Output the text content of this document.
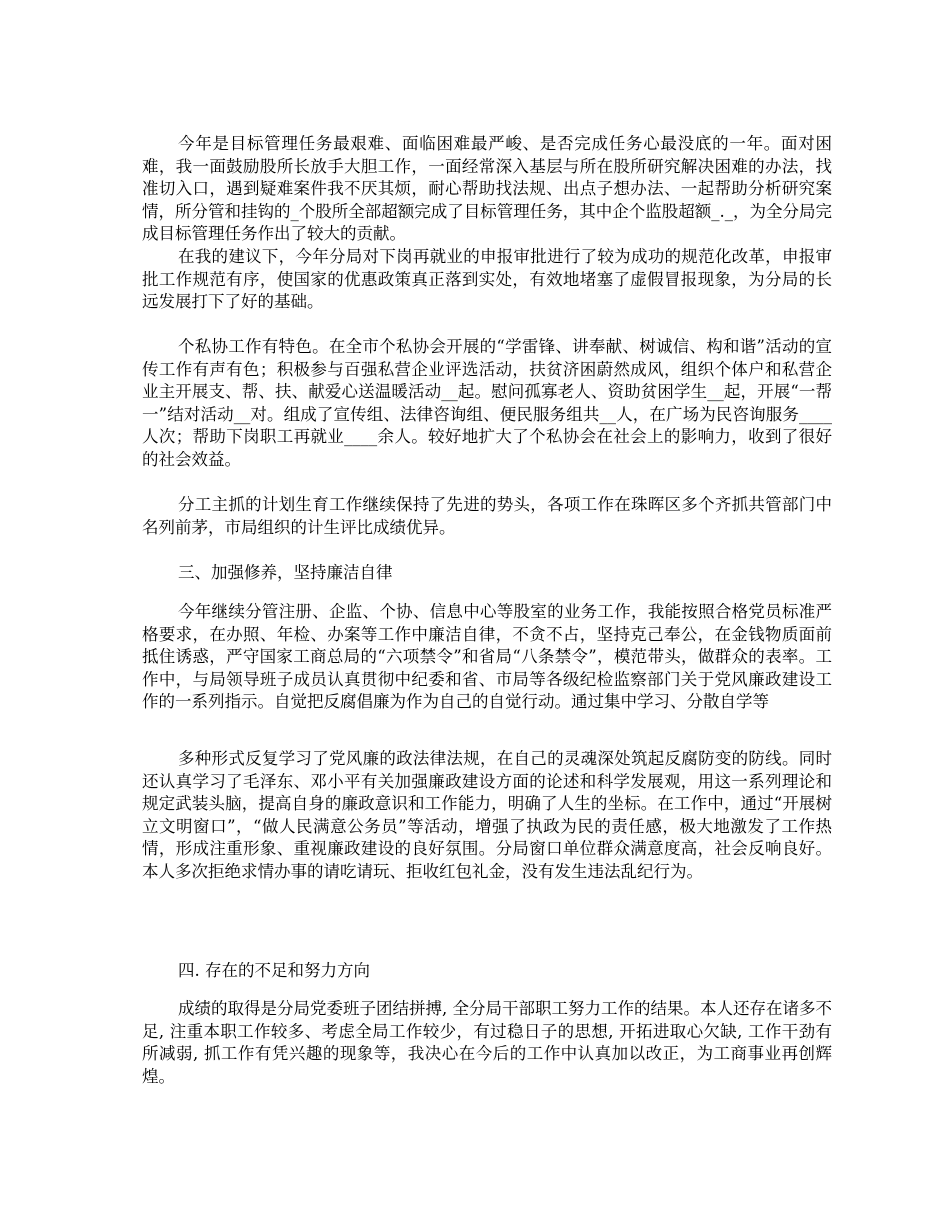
今年是目标管理任务最艰难、面临困难最严峻、是否完成任务心最没底的一年。面对困难，我一面鼓励股所长放手大胆工作，一面经常深入基层与所在股所研究解决困难的办法，找准切入口，遇到疑难案件我不厌其烦，耐心帮助找法规、出点子想办法、一起帮助分析研究案情，所分管和挂钩的_个股所全部超额完成了目标管理任务，其中企个监股超额_._，为全分局完成目标管理任务作出了较大的贡献。

在我的建议下，今年分局对下岗再就业的申报审批进行了较为成功的规范化改革，申报审批工作规范有序，使国家的优惠政策真正落到实处，有效地堵塞了虚假冒报现象，为分局的长远发展打下了好的基础。

个私协工作有特色。在全市个私协会开展的“学雷锋、讲奉献、树诚信、构和谐”活动的宣传工作有声有色；积极参与百强私营企业评选活动，扶贫济困蔚然成风，组织个体户和私营企业主开展支、帮、扶、献爱心送温暖活动__起。慰问孤寡老人、资助贫困学生__起，开展“一帮一”结对活动__对。组成了宣传组、法律咨询组、便民服务组共__人，在广场为民咨询服务____人次；帮助下岗职工再就业____余人。较好地扩大了个私协会在社会上的影响力，收到了很好的社会效益。

分工主抓的计划生育工作继续保持了先进的势头，各项工作在珠晖区多个齐抓共管部门中名列前茅，市局组织的计生评比成绩优异。

三、加强修养，坚持廉洁自律

今年继续分管注册、企监、个协、信息中心等股室的业务工作，我能按照合格党员标准严格要求，在办照、年检、办案等工作中廉洁自律，不贪不占，坚持克己奉公，在金钱物质面前抵住诱惑，严守国家工商总局的“六项禁令”和省局“八条禁令”，模范带头，做群众的表率。工作中，与局领导班子成员认真贯彻中纪委和省、市局等各级纪检监察部门关于党风廉政建设工作的一系列指示。自觉把反腐倡廉为作为自己的自觉行动。通过集中学习、分散自学等

多种形式反复学习了党风廉的政法律法规，在自己的灵魂深处筑起反腐防变的防线。同时还认真学习了毛泽东、邓小平有关加强廉政建设方面的论述和科学发展观，用这一系列理论和规定武装头脑，提高自身的廉政意识和工作能力，明确了人生的坐标。在工作中，通过“开展树立文明窗口”，“做人民满意公务员”等活动，增强了执政为民的责任感，极大地激发了工作热情，形成注重形象、重视廉政建设的良好氛围。分局窗口单位群众满意度高，社会反响良好。本人多次拒绝求情办事的请吃请玩、拒收红包礼金，没有发生违法乱纪行为。

四. 存在的不足和努力方向

成绩的取得是分局党委班子团结拼搏, 全分局干部职工努力工作的结果。本人还存在诸多不足, 注重本职工作较多、考虑全局工作较少，有过稳日子的思想, 开拓进取心欠缺, 工作干劲有所减弱, 抓工作有凭兴趣的现象等，我决心在今后的工作中认真加以改正，为工商事业再创辉煌。
